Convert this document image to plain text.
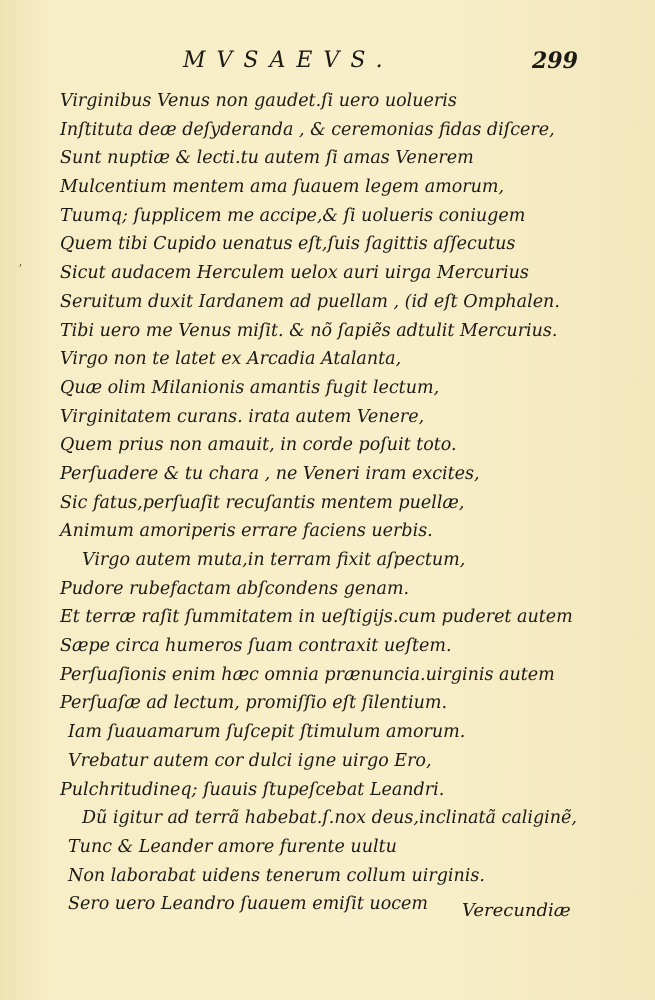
MVSAEVS.	299
ʼ
Virginibus Venus non gaudet.ſi uero uolueris
Inſtituta deæ deſyderanda , & ceremonias fidas diſcere,
Sunt nuptiæ & lecti.tu autem ſi amas Venerem
Mulcentium mentem ama ſuauem legem amorum,
Tuumq; ſupplicem me accipe,& ſi uolueris coniugem
Quem tibi Cupido uenatus eſt,ſuis ſagittis aſſecutus
Sicut audacem Herculem uelox auri uirga Mercurius
Seruitum duxit Iardanem ad puellam , (id eſt Omphalen.
Tibi uero me Venus miſit. & nõ ſapiẽs adtulit Mercurius.
Virgo non te latet ex Arcadia Atalanta,
Quæ olim Milanionis amantis fugit lectum,
Virginitatem curans. irata autem Venere,
Quem prius non amauit, in corde poſuit toto.
Perſuadere & tu chara , ne Veneri iram excites,
Sic fatus,perſuaſit recuſantis mentem puellæ,
Animum amoriperis errare faciens uerbis.
Virgo autem muta,in terram fixit aſpectum,
Pudore rubefactam abſcondens genam.
Et terræ raſit ſummitatem in ueſtigijs.cum puderet autem
Sæpe circa humeros ſuam contraxit ueſtem.
Perſuaſionis enim hæc omnia prænuncia.uirginis autem
Perſuaſæ ad lectum, promiſſio eſt ſilentium.
Iam ſuauamarum ſuſcepit ſtimulum amorum.
Vrebatur autem cor dulci igne uirgo Ero,
Pulchritudineq; ſuauis ſtupeſcebat Leandri.
Dũ igitur ad terrã habebat.ſ.nox deus,inclinatã caliginẽ,
Tunc & Leander amore furente uultu
Non laborabat uidens tenerum collum uirginis.
Sero uero Leandro ſuauem emiſit uocem	Verecundiæ
